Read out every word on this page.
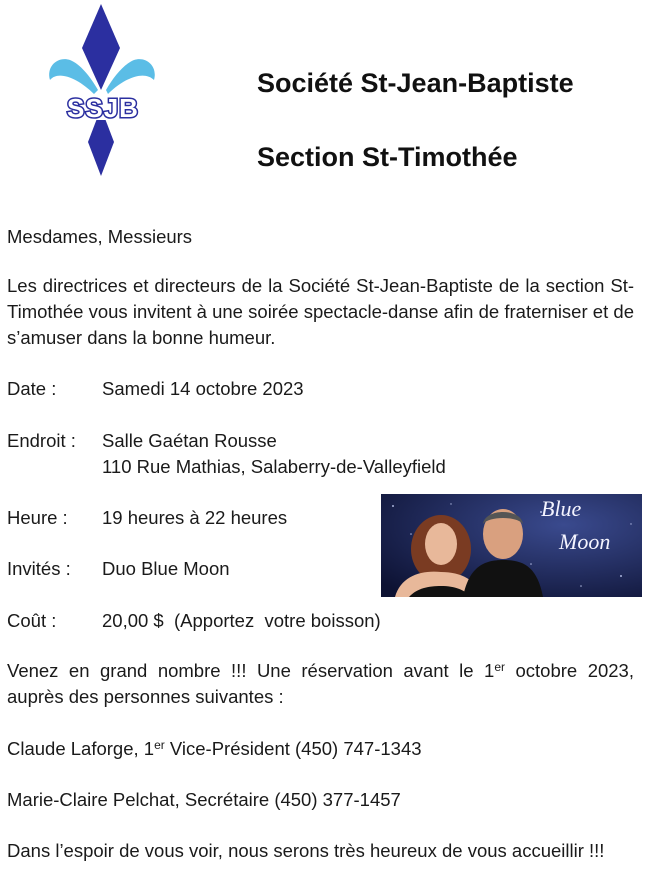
SSJB
Société St-Jean-Baptiste
Section St-Timothée
Mesdames, Messieurs
Les directrices et directeurs de la Société St-Jean-Baptiste de la section St-Timothée vous invitent à une soirée spectacle-danse afin de fraterniser et de s’amuser dans la bonne humeur.
Date : Samedi 14 octobre 2023
Endroit : Salle Gaétan Rousse
110 Rue Mathias, Salaberry-de-Valleyfield
Heure : 19 heures à 22 heures
Invités : Duo Blue Moon
Coût : 20,00 $  (Apportez  votre boisson)
Blue
Moon
Venez en grand nombre !!! Une réservation avant le 1er octobre 2023, auprès des personnes suivantes :
Claude Laforge, 1er Vice-Président (450) 747-1343
Marie-Claire Pelchat, Secrétaire (450) 377-1457
Dans l’espoir de vous voir, nous serons très heureux de vous accueillir !!!
